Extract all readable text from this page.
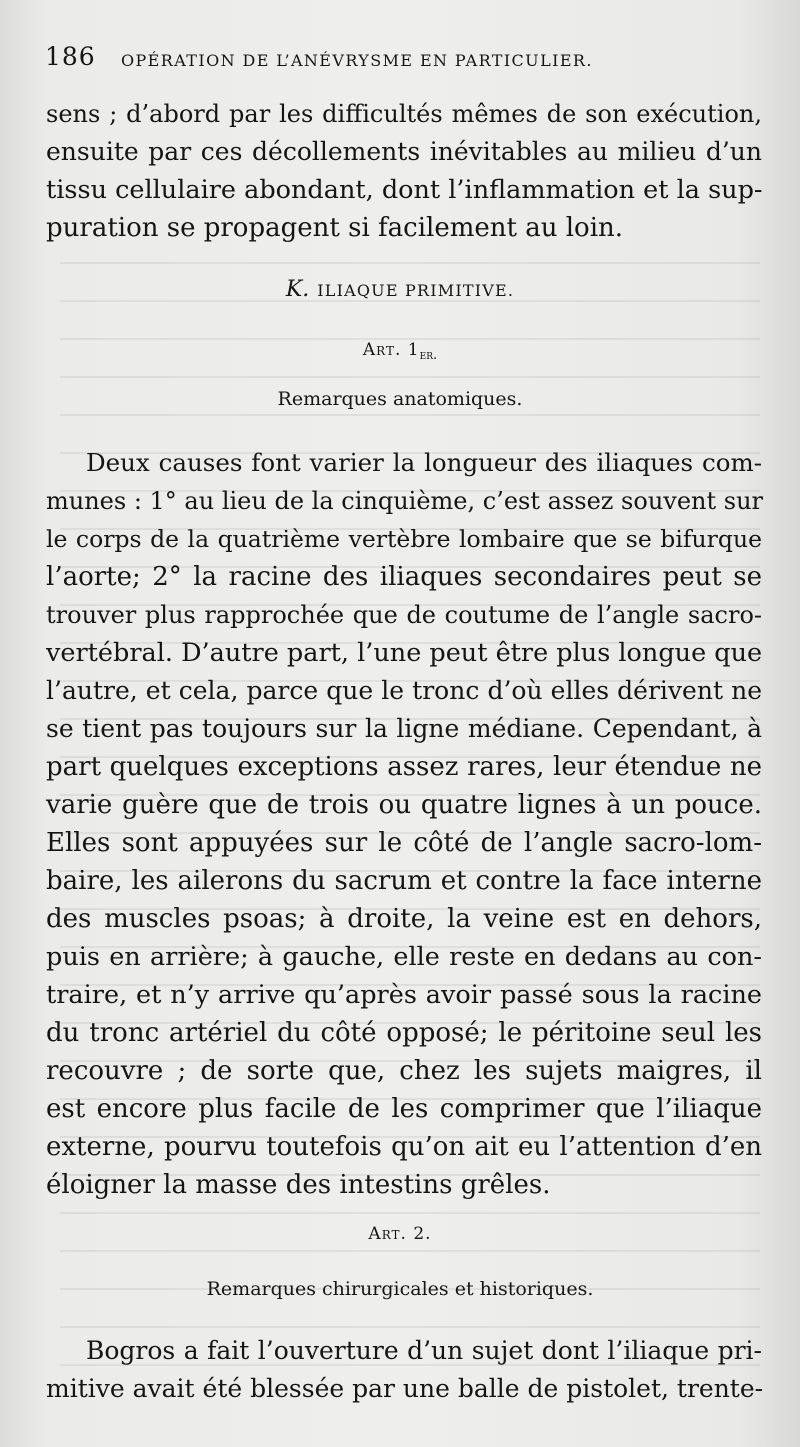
186 OPÉRATION DE L’ANÉVRYSME EN PARTICULIER.
sens ; d’abord par les difficultés mêmes de son exécution,
ensuite par ces décollements inévitables au milieu d’un
tissu cellulaire abondant, dont l’inflammation et la sup-
puration se propagent si facilement au loin.
K. ILIAQUE PRIMITIVE.
Art. $1_{er.}$
Remarques anatomiques.
Deux causes font varier la longueur des iliaques com-
munes : 1° au lieu de la cinquième, c’est assez souvent sur
le corps de la quatrième vertèbre lombaire que se bifurque
l’aorte; 2° la racine des iliaques secondaires peut se
trouver plus rapprochée que de coutume de l’angle sacro-
vertébral. D’autre part, l’une peut être plus longue que
l’autre, et cela, parce que le tronc d’où elles dérivent ne
se tient pas toujours sur la ligne médiane. Cependant, à
part quelques exceptions assez rares, leur étendue ne
varie guère que de trois ou quatre lignes à un pouce.
Elles sont appuyées sur le côté de l’angle sacro-lom-
baire, les ailerons du sacrum et contre la face interne
des muscles psoas; à droite, la veine est en dehors,
puis en arrière; à gauche, elle reste en dedans au con-
traire, et n’y arrive qu’après avoir passé sous la racine
du tronc artériel du côté opposé; le péritoine seul les
recouvre ; de sorte que, chez les sujets maigres, il
est encore plus facile de les comprimer que l’iliaque
externe, pourvu toutefois qu’on ait eu l’attention d’en
éloigner la masse des intestins grêles.
Art. 2.
Remarques chirurgicales et historiques.
Bogros a fait l’ouverture d’un sujet dont l’iliaque pri-
mitive avait été blessée par une balle de pistolet, trente-
